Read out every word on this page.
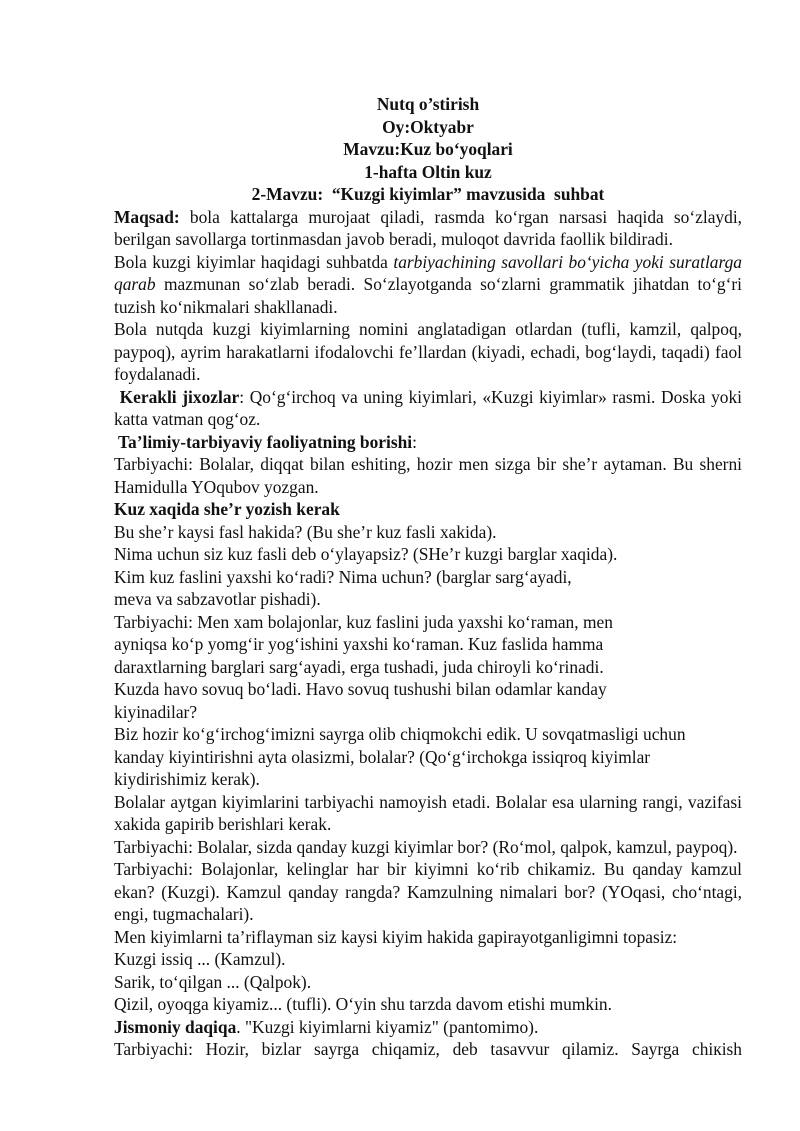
Nutq o’stirish
Oy:Oktyabr
Mavzu:Kuz bo‘yoqlari
1-hafta Oltin kuz
2-Mavzu:  “Kuzgi kiyimlar” mavzusida  suhbat

Maqsad: bola kattalarga murojaat qiladi, rasmda ko‘rgan narsasi haqida so‘zlaydi, berilgan savollarga tortinmasdan javob beradi, muloqot davrida faollik bildiradi.

Bola kuzgi kiyimlar haqidagi suhbatda tarbiyachining savollari bo‘yicha yoki suratlarga qarab mazmunan so‘zlab beradi. So‘zlayotganda so‘zlarni grammatik jihatdan to‘g‘ri tuzish ko‘nikmalari shakllanadi.

Bola nutqda kuzgi kiyimlarning nomini anglatadigan otlardan (tufli, kamzil, qalpoq, paypoq), ayrim harakatlarni ifodalovchi fe’llardan (kiyadi, echadi, bog‘laydi, taqadi) faol foydalanadi.

Kerakli jixozlar: Qo‘g‘irchoq va uning kiyimlari, «Kuzgi kiyimlar» rasmi. Doska yoki katta vatman qog‘oz.

Ta’limiy-tarbiyaviy faoliyatning borishi:

Tarbiyachi: Bolalar, diqqat bilan eshiting, hozir men sizga bir she’r aytaman. Bu sherni Hamidulla YOqubov yozgan.

Kuz xaqida she’r yozish kerak

Bu she’r kaysi fasl hakida? (Bu she’r kuz fasli xakida).

Nima uchun siz kuz fasli deb o‘ylayapsiz? (SHe’r kuzgi barglar xaqida).

Kim kuz faslini yaxshi ko‘radi? Nima uchun? (barglar sarg‘ayadi, meva va sabzavotlar pishadi).

Tarbiyachi: Men xam bolajonlar, kuz faslini juda yaxshi ko‘raman, men ayniqsa ko‘p yomg‘ir yog‘ishini yaxshi ko‘raman. Kuz faslida hamma daraxtlarning barglari sarg‘ayadi, erga tushadi, juda chiroyli ko‘rinadi.

Kuzda havo sovuq bo‘ladi. Havo sovuq tushushi bilan odamlar kanday kiyinadilar?

Biz hozir ko‘g‘irchog‘imizni sayrga olib chiqmokchi edik. U sovqatmasligi uchun kanday kiyintirishni ayta olasizmi, bolalar? (Qo‘g‘irchokga issiqroq kiyimlar kiydirishimiz kerak).

Bolalar aytgan kiyimlarini tarbiyachi namoyish etadi. Bolalar esa ularning rangi, vazifasi xakida gapirib berishlari kerak.

Tarbiyachi: Bolalar, sizda qanday kuzgi kiyimlar bor? (Ro‘mol, qalpok, kamzul, paypoq).

Tarbiyachi: Bolajonlar, kelinglar har bir kiyimni ko‘rib chikamiz. Bu qanday kamzul ekan? (Kuzgi). Kamzul qanday rangda? Kamzulning nimalari bor? (YOqasi, cho‘ntagi, engi, tugmachalari).

Men kiyimlarni ta’riflayman siz kaysi kiyim hakida gapirayotganligimni topasiz:

Kuzgi issiq ... (Kamzul).

Sarik, to‘qilgan ... (Qalpok).

Qizil, oyoqga kiyamiz... (tufli). O‘yin shu tarzda davom etishi mumkin.

Jismoniy daqiqa. "Kuzgi kiyimlarni kiyamiz" (pantomimo).

Tarbiyachi: Hozir, bizlar sayrga chiqamiz, deb tasavvur qilamiz. Sayrga chiкish
